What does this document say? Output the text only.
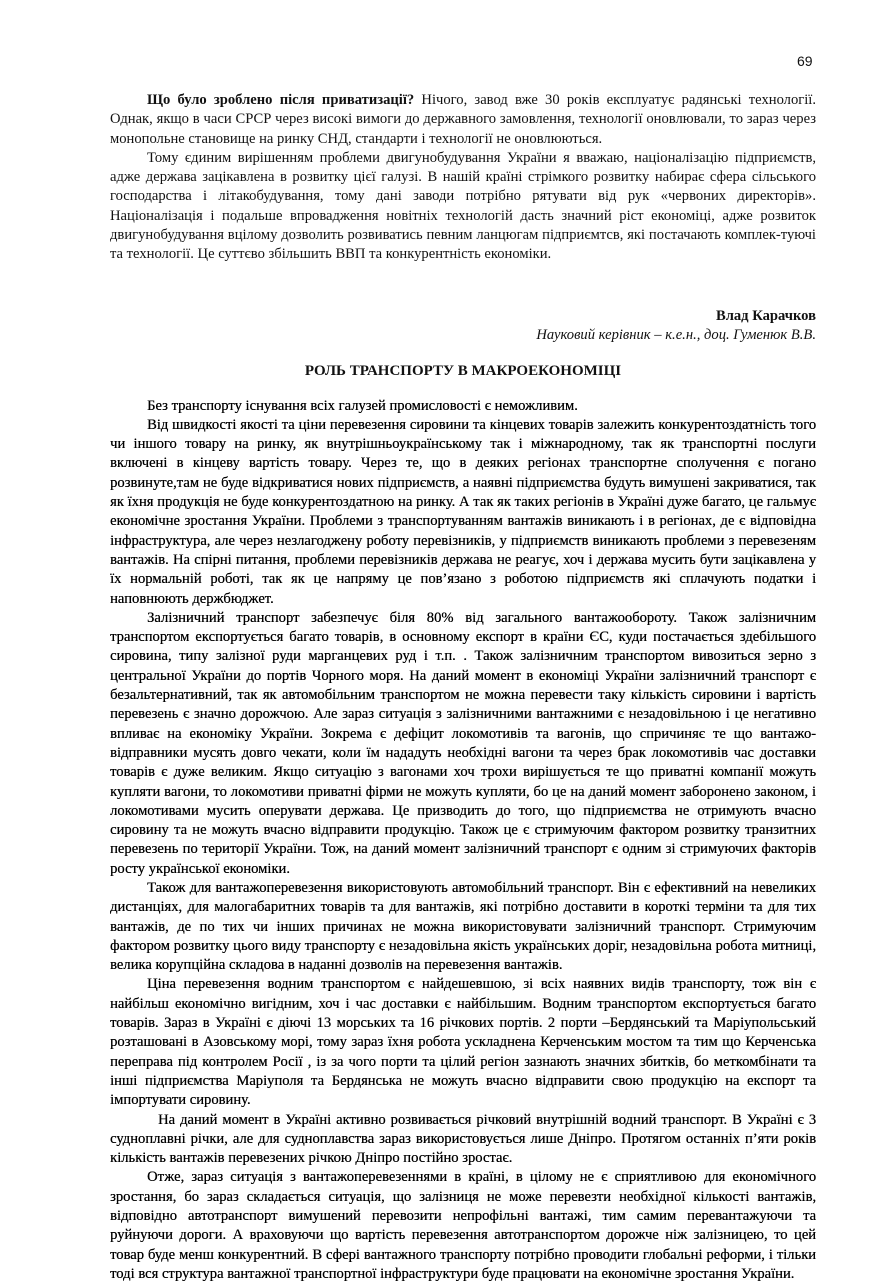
69

Що було зроблено після приватизації? Нічого, завод вже 30 років експлуатує радянські технології. Однак, якщо в часи СРСР через високі вимоги до державного замовлення, технології оновлювали, то зараз через монопольне становище на ринку СНД, стандарти і технології не оновлюються.

Тому єдиним вирішенням проблеми двигунобудування України я вважаю, націоналізацію підприємств, адже держава зацікавлена в розвитку цієї галузі. В нашій країні стрімкого розвитку набирає сфера сільського господарства і літакобудування, тому дані заводи потрібно рятувати від рук «червоних директорів». Націоналізація і подальше впровадження новітніх технологій дасть значний ріст економіці, адже розвиток двигунобудування вцілому дозволить розвиватись певним ланцюгам підприємтсв, які постачають комплек-туючі та технології. Це суттєво збільшить ВВП та конкурентність економіки.

Влад Карачков

Науковий керівник – к.е.н., доц. Гуменюк В.В.

РОЛЬ ТРАНСПОРТУ В МАКРОЕКОНОМІЦІ

Без транспорту існування всіх галузей промисловості є неможливим.

Від швидкості якості та ціни перевезення сировини та кінцевих товарів залежить конкурентоздатність того чи іншого товару на ринку, як внутрішньоукраїнському так і міжнародному, так як транспортні послуги включені в кінцеву вартість товару. Через те, що в деяких регіонах транспортне сполучення є погано розвинуте,там не буде відкриватися нових підприємств, а наявні підприємства будуть вимушені закриватися, так як їхня продукція не буде конкурентоздатною на ринку. А так як таких регіонів в Україні дуже багато, це гальмує економічне зростання України. Проблеми з транспортуванням вантажів виникають і в регіонах, де є відповідна інфраструктура, але через незлагоджену роботу перевізників, у підприємств виникають проблеми з перевезеням вантажів. На спірні питання, проблеми перевізників держава не реагує, хоч і держава мусить бути зацікавлена у їх нормальній роботі, так як це напряму це пов’язано з роботою підприємств які сплачують податки і наповнюють держбюджет.

Залізничний транспорт забезпечує біля 80% від загального вантажообороту. Також залізничним транспортом експортується багато товарів, в основному експорт в країни ЄС, куди постачається здебільшого сировина, типу залізної руди марганцевих руд і т.п. . Також залізничним транспортом вивозиться зерно з центральної України до портів Чорного моря. На даний момент в економіці України залізничний транспорт є безальтернативний, так як автомобільним транспортом не можна перевести таку кількість сировини і вартість перевезень є значно дорожчою. Але зараз ситуація з залізничними вантажними є незадовільною і це негативно впливає на економіку України. Зокрема є дефіцит локомотивів та вагонів, що спричиняє те що вантажо-відправники мусять довго чекати, коли їм нададуть необхідні вагони та через брак локомотивів час доставки товарів є дуже великим. Якщо ситуацію з вагонами хоч трохи вирішується те що приватні компанії можуть купляти вагони, то локомотиви приватні фірми не можуть купляти, бо це на даний момент заборонено законом, і локомотивами мусить оперувати держава. Це призводить до того, що підприємства не отримують вчасно сировину та не можуть вчасно відправити продукцію. Також це є стримуючим фактором розвитку транзитних перевезень по території України. Тож, на даний момент залізничний транспорт є одним зі стримуючих факторів росту української економіки.

Також для вантажоперевезення використовують автомобільний транспорт. Він є ефективний на невеликих дистанціях, для малогабаритних товарів та для вантажів, які потрібно доставити в короткі терміни та для тих вантажів, де по тих чи інших причинах не можна використовувати залізничний транспорт. Стримуючим фактором розвитку цього виду транспорту є незадовільна якість українських доріг, незадовільна робота митниці, велика корупційна складова в наданні дозволів на перевезення вантажів.

Ціна перевезення водним транспортом є найдешевшою, зі всіх наявних видів транспорту, тож він є найбільш економічно вигідним, хоч і час доставки є найбільшим. Водним транспортом експортується багато товарів. Зараз в Україні є діючі 13 морських та 16 річкових портів. 2 порти –Бердянський та Маріупольський розташовані в Азовському морі, тому зараз їхня робота ускладнена Керченським мостом та тим що Керченська переправа під контролем Росії , із за чого порти та цілий регіон зазнають значних збитків, бо меткомбінати та інші підприємства Маріуполя та Бердянська не можуть вчасно відправити свою продукцію на експорт та імпортувати сировину.

На даний момент в Україні активно розвивається річковий внутрішній водний транспорт. В Україні є 3 судноплавні річки, але для судноплавства зараз використовується лише Дніпро. Протягом останніх п’яти років кількість вантажів перевезених річкою Дніпро постійно зростає.

Отже, зараз ситуація з вантажоперевезеннями в країні, в цілому не є сприятливою для економічного зростання, бо зараз складається ситуація, що залізниця не може перевезти необхідної кількості вантажів, відповідно автотранспорт вимушений перевозити непрофільні вантажі, тим самим перевантажуючи та руйнуючи дороги. А враховуючи що вартість перевезення автотранспортом дорожче ніж залізницею, то цей товар буде менш конкурентний. В сфері вантажного транспорту потрібно проводити глобальні реформи, і тільки тоді вся структура вантажної транспортної інфраструктури буде працювати на економічне зростання України.
